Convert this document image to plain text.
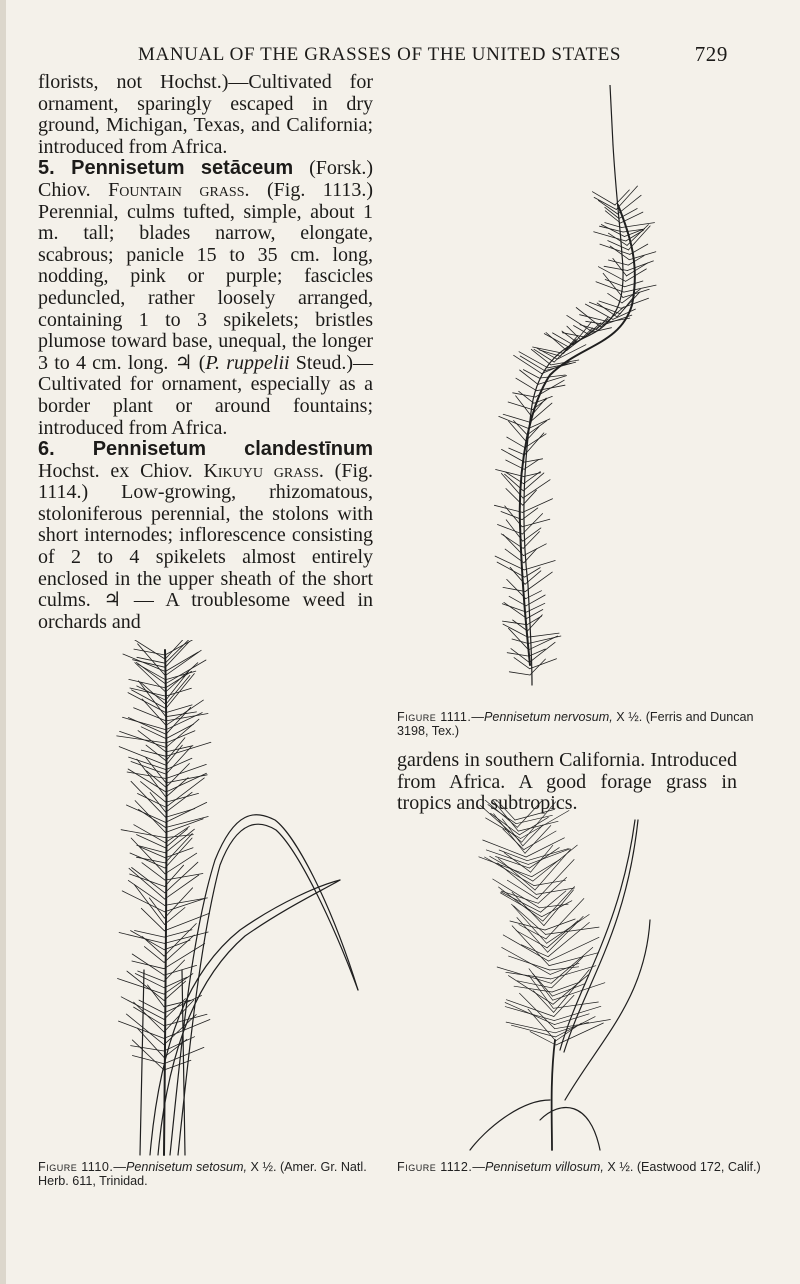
MANUAL OF THE GRASSES OF THE UNITED STATES	729

florists, not Hochst.)—Cultivated for ornament, sparingly escaped in dry ground, Michigan, Texas, and California; introduced from Africa.

5. Pennisetum setāceum (Forsk.) Chiov. Fountain grass. (Fig. 1113.) Perennial, culms tufted, simple, about 1 m. tall; blades narrow, elongate, scabrous; panicle 15 to 35 cm. long, nodding, pink or purple; fascicles peduncled, rather loosely arranged, containing 1 to 3 spikelets; bristles plumose toward base, unequal, the longer 3 to 4 cm. long. ♃ (P. ruppelii Steud.)—Cultivated for ornament, especially as a border plant or around fountains; introduced from Africa.

6. Pennisetum clandestīnum Hochst. ex Chiov. Kikuyu grass. (Fig. 1114.) Low-growing, rhizomatous, stoloniferous perennial, the stolons with short internodes; inflorescence consisting of 2 to 4 spikelets almost entirely enclosed in the upper sheath of the short culms. ♃ — A troublesome weed in orchards and

Figure 1111.—Pennisetum nervosum, X ½. (Ferris and Duncan 3198, Tex.)
gardens in southern California. Introduced from Africa. A good forage grass in tropics and subtropics.
Figure 1110.—Pennisetum setosum, X ½. (Amer. Gr. Natl. Herb. 611, Trinidad.
Figure 1112.—Pennisetum villosum, X ½. (Eastwood 172, Calif.)
